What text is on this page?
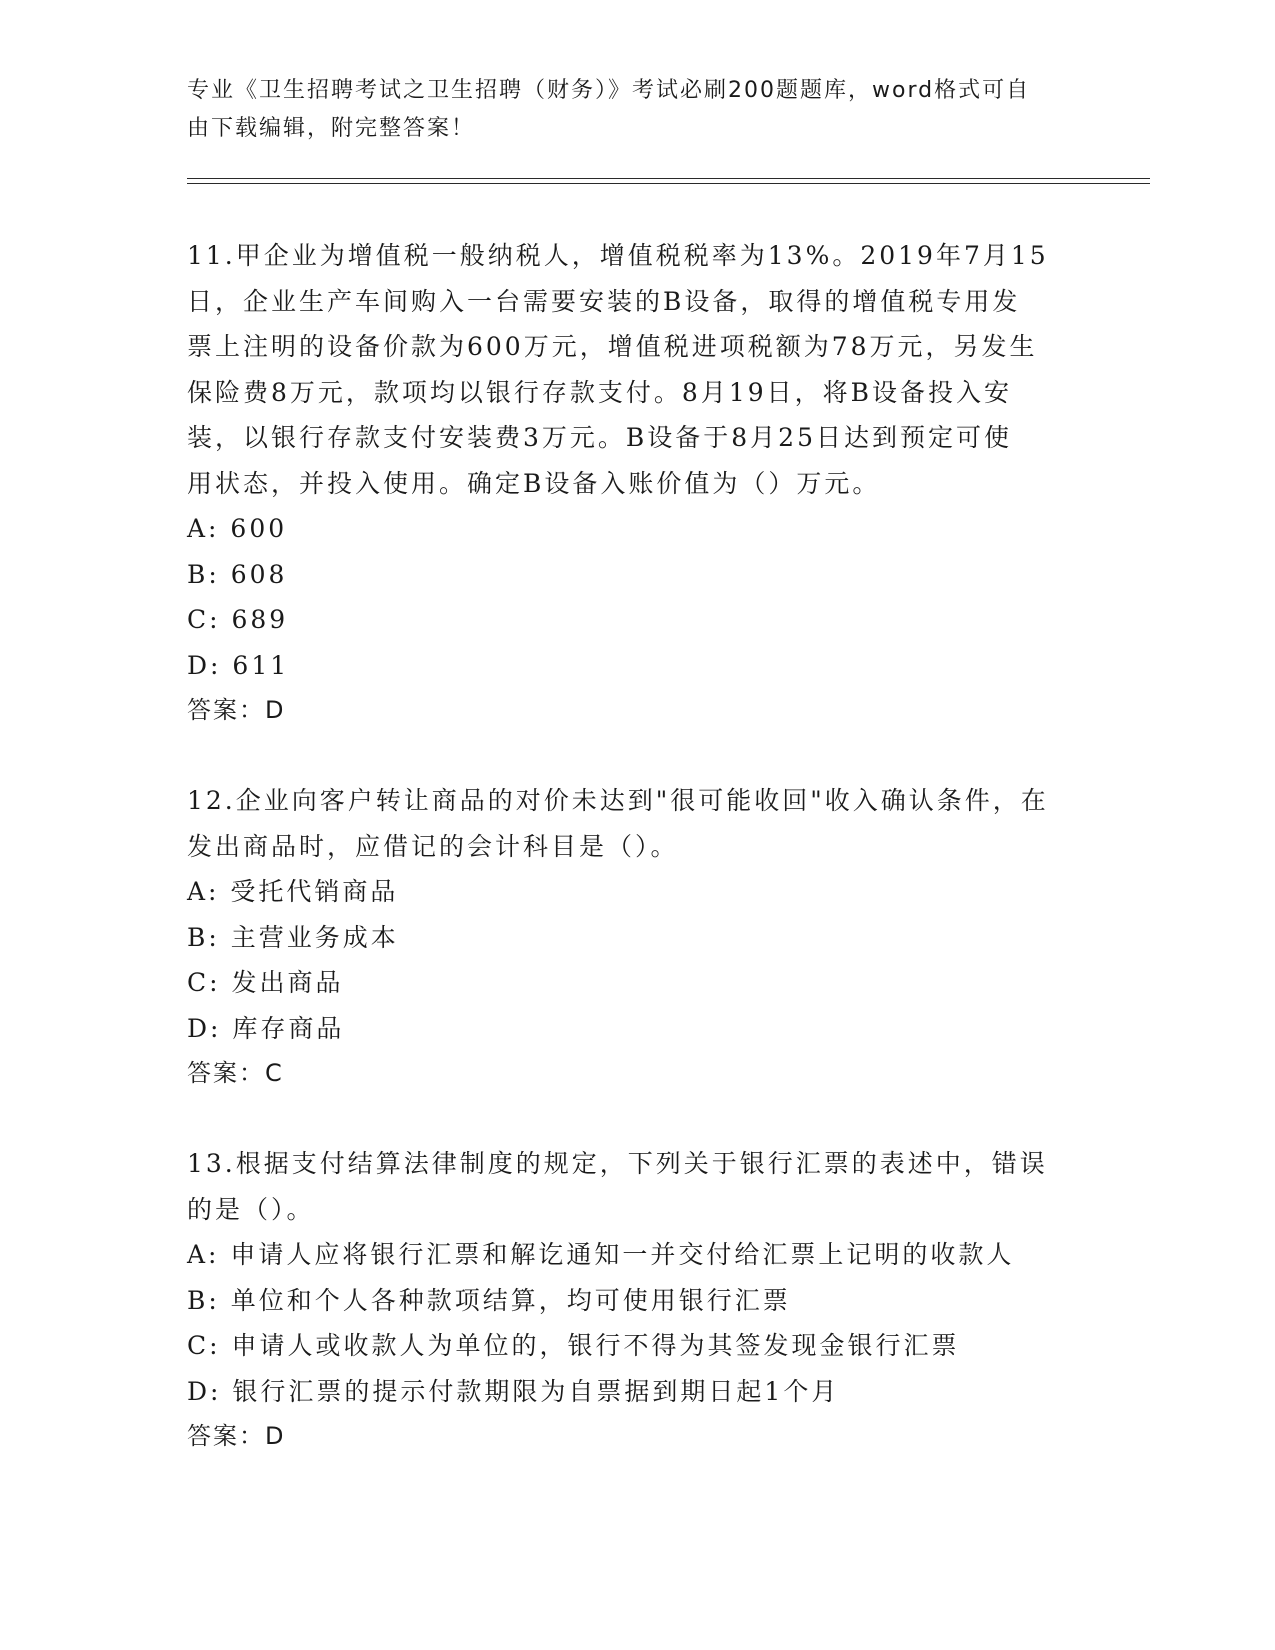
专业《卫生招聘考试之卫生招聘（财务）》考试必刷200题题库，word格式可自
由下载编辑，附完整答案！
11.甲企业为增值税一般纳税人，增值税税率为13%。2019年7月15
日，企业生产车间购入一台需要安装的B设备，取得的增值税专用发
票上注明的设备价款为600万元，增值税进项税额为78万元，另发生
保险费8万元，款项均以银行存款支付。8月19日，将B设备投入安
装，以银行存款支付安装费3万元。B设备于8月25日达到预定可使
用状态，并投入使用。确定B设备入账价值为（）万元。
A: 600
B: 608
C: 689
D: 611
答案：D
12.企业向客户转让商品的对价未达到"很可能收回"收入确认条件，在
发出商品时，应借记的会计科目是（）。
A: 受托代销商品
B: 主营业务成本
C: 发出商品
D: 库存商品
答案：C
13.根据支付结算法律制度的规定，下列关于银行汇票的表述中，错误
的是（）。
A: 申请人应将银行汇票和解讫通知一并交付给汇票上记明的收款人
B: 单位和个人各种款项结算，均可使用银行汇票
C: 申请人或收款人为单位的，银行不得为其签发现金银行汇票
D: 银行汇票的提示付款期限为自票据到期日起1个月
答案：D
